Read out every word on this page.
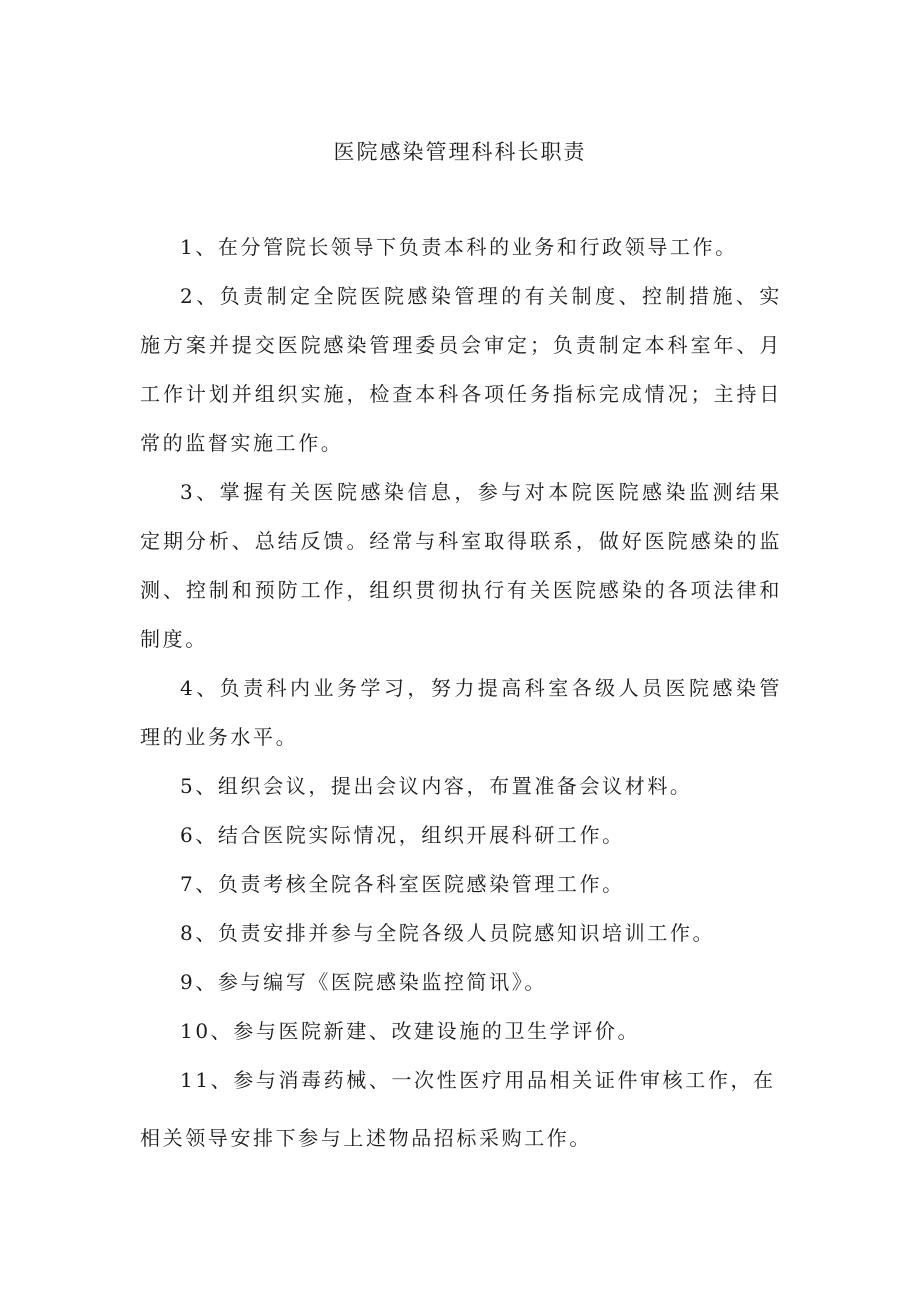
医院感染管理科科长职责

1、在分管院长领导下负责本科的业务和行政领导工作。

2、负责制定全院医院感染管理的有关制度、控制措施、实施方案并提交医院感染管理委员会审定；负责制定本科室年、月工作计划并组织实施，检查本科各项任务指标完成情况；主持日常的监督实施工作。

3、掌握有关医院感染信息，参与对本院医院感染监测结果定期分析、总结反馈。经常与科室取得联系，做好医院感染的监测、控制和预防工作，组织贯彻执行有关医院感染的各项法律和制度。

4、负责科内业务学习，努力提高科室各级人员医院感染管理的业务水平。

5、组织会议，提出会议内容，布置准备会议材料。

6、结合医院实际情况，组织开展科研工作。

7、负责考核全院各科室医院感染管理工作。

8、负责安排并参与全院各级人员院感知识培训工作。

9、参与编写《医院感染监控简讯》。

10、参与医院新建、改建设施的卫生学评价。

11、参与消毒药械、一次性医疗用品相关证件审核工作，在

相关领导安排下参与上述物品招标采购工作。
